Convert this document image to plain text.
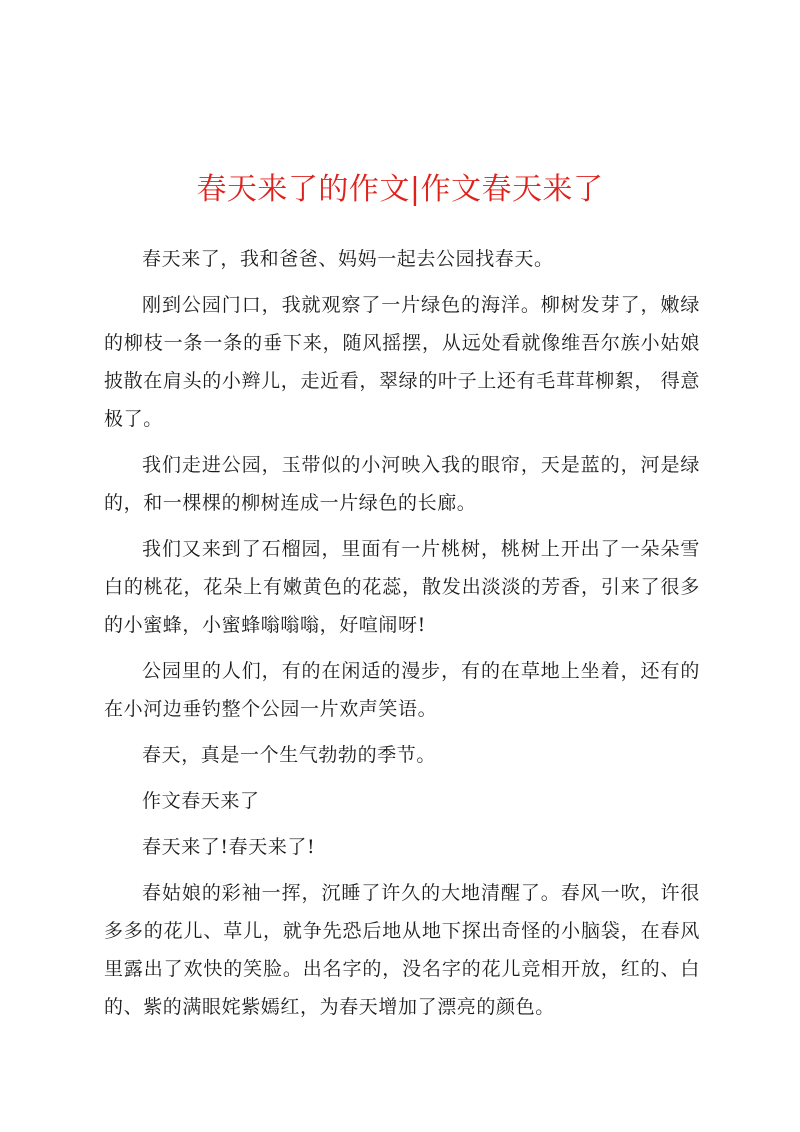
春天来了的作文|作文春天来了

春天来了，我和爸爸、妈妈一起去公园找春天。

刚到公园门口，我就观察了一片绿色的海洋。柳树发芽了，嫩绿的柳枝一条一条的垂下来，随风摇摆，从远处看就像维吾尔族小姑娘披散在肩头的小辫儿，走近看，翠绿的叶子上还有毛茸茸柳絮， 得意极了。

我们走进公园，玉带似的小河映入我的眼帘，天是蓝的，河是绿的，和一棵棵的柳树连成一片绿色的长廊。

我们又来到了石榴园，里面有一片桃树，桃树上开出了一朵朵雪白的桃花，花朵上有嫩黄色的花蕊，散发出淡淡的芳香，引来了很多的小蜜蜂，小蜜蜂嗡嗡嗡，好喧闹呀!

公园里的人们，有的在闲适的漫步，有的在草地上坐着，还有的在小河边垂钓整个公园一片欢声笑语。

春天，真是一个生气勃勃的季节。

作文春天来了

春天来了!春天来了!

春姑娘的彩袖一挥，沉睡了许久的大地清醒了。春风一吹，许很多多的花儿、草儿，就争先恐后地从地下探出奇怪的小脑袋，在春风里露出了欢快的笑脸。出名字的，没名字的花儿竞相开放，红的、白的、紫的满眼姹紫嫣红，为春天增加了漂亮的颜色。
